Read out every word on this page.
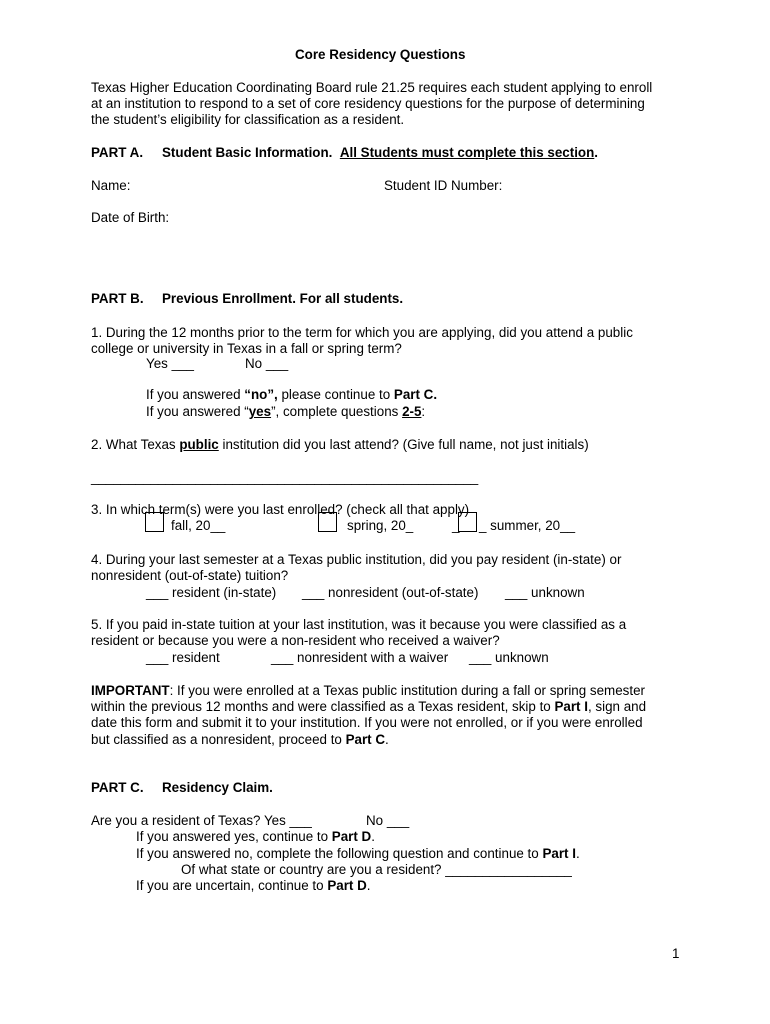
Core Residency Questions
Texas Higher Education Coordinating Board rule 21.25 requires each student applying to enroll
at an institution to respond to a set of core residency questions for the purpose of determining
the student’s eligibility for classification as a resident.
PART A. Student Basic Information. All Students must complete this section.
Name:	Student ID Number:
Date of Birth:
PART B. Previous Enrollment. For all students.
1. During the 12 months prior to the term for which you are applying, did you attend a public
college or university in Texas in a fall or spring term?
Yes ___	No ___
If you answered “no”, please continue to Part C.
If you answered “yes”, complete questions 2-5:
2. What Texas public institution did you last attend? (Give full name, not just initials)
____________________________________________________
3. In which term(s) were you last enrolled? (check all that apply)
fall, 20__	spring, 20_	_ _ summer, 20__
4. During your last semester at a Texas public institution, did you pay resident (in-state) or
nonresident (out-of-state) tuition?
___ resident (in-state) ___ nonresident (out-of-state) ___ unknown
5. If you paid in-state tuition at your last institution, was it because you were classified as a
resident or because you were a non-resident who received a waiver?
___ resident	___ nonresident with a waiver ___ unknown
IMPORTANT: If you were enrolled at a Texas public institution during a fall or spring semester
within the previous 12 months and were classified as a Texas resident, skip to Part I, sign and
date this form and submit it to your institution. If you were not enrolled, or if you were enrolled
but classified as a nonresident, proceed to Part C.
PART C. Residency Claim.
Are you a resident of Texas? Yes ___	No ___
If you answered yes, continue to Part D.
If you answered no, complete the following question and continue to Part I.
Of what state or country are you a resident? _________________
If you are uncertain, continue to Part D.
1
